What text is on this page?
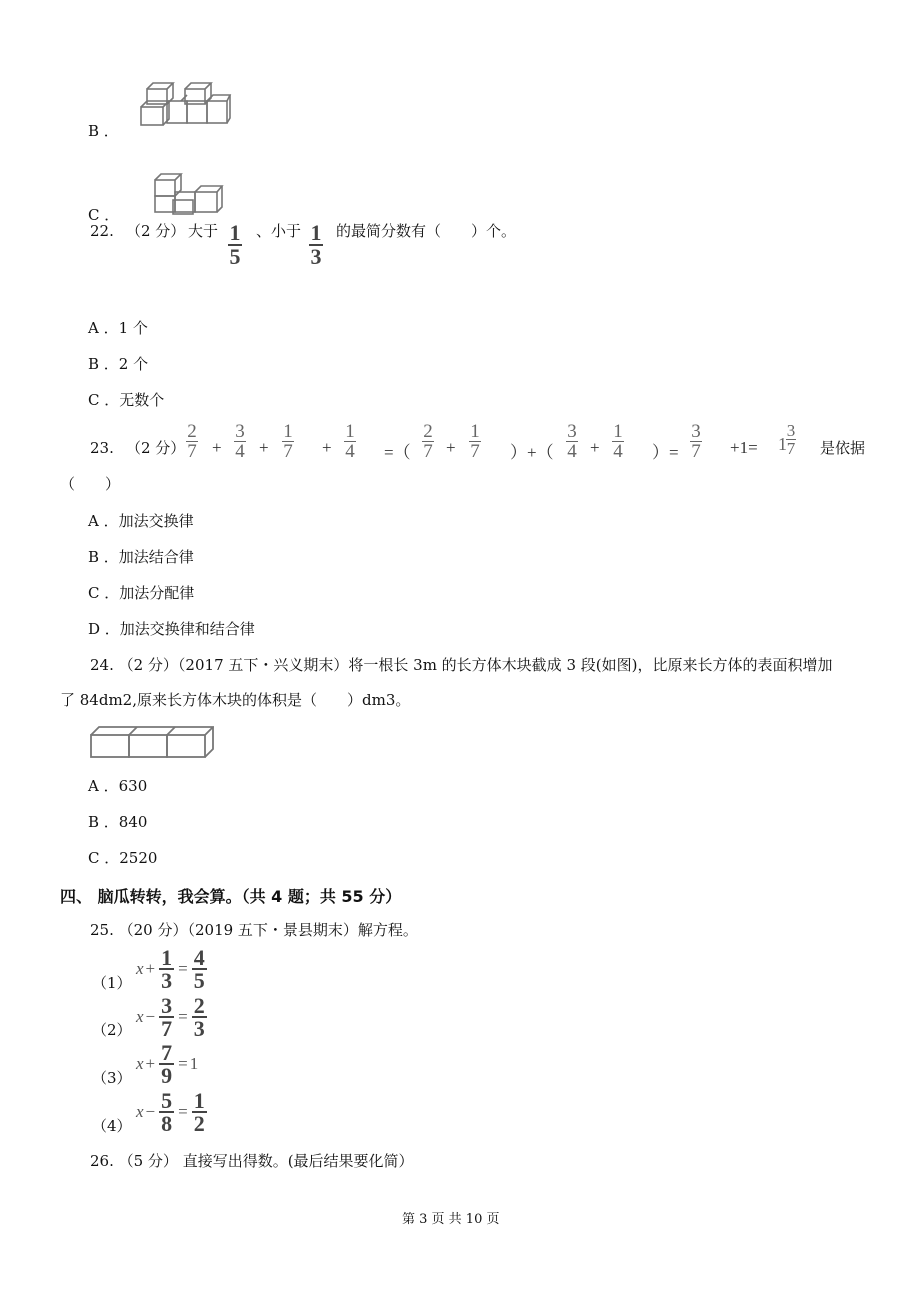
B ．
C ．
22. （2 分） 大于 1
5
、小于 1
3
的最简分数有（　　）个。
A ．1 个
B ．2 个
C ．无数个
23. （2 分）
2
7 +
3
4 +
1
7 +
1
4 =（
2
7 +
1
7 ）+（
3
4 +
1
4 ）=
3
7 +1= 1
3
7 是依据
（　　）
A ．加法交换律
B ．加法结合律
C ．加法分配律
D ．加法交换律和结合律
24. （2 分）（2017 五下・兴义期末）将一根长 3m 的长方体木块截成 3 段(如图)，比原来长方体的表面积增加
了 84dm2,原来长方体木块的体积是（　　）dm3。
A ．630
B ．840
C ．2520
四、 脑瓜转转，我会算。（共 4 题；共 55 分）
25. （20 分）（2019 五下・景县期末）解方程。
（1）
x + 1
3 = 4
5
（2）
x − 3
7 = 2
3
（3）
x + 7
9 = 1
（4）
x − 5
8 = 1
2
26. （5 分） 直接写出得数。(最后结果要化简）
第 3 页 共 10 页
